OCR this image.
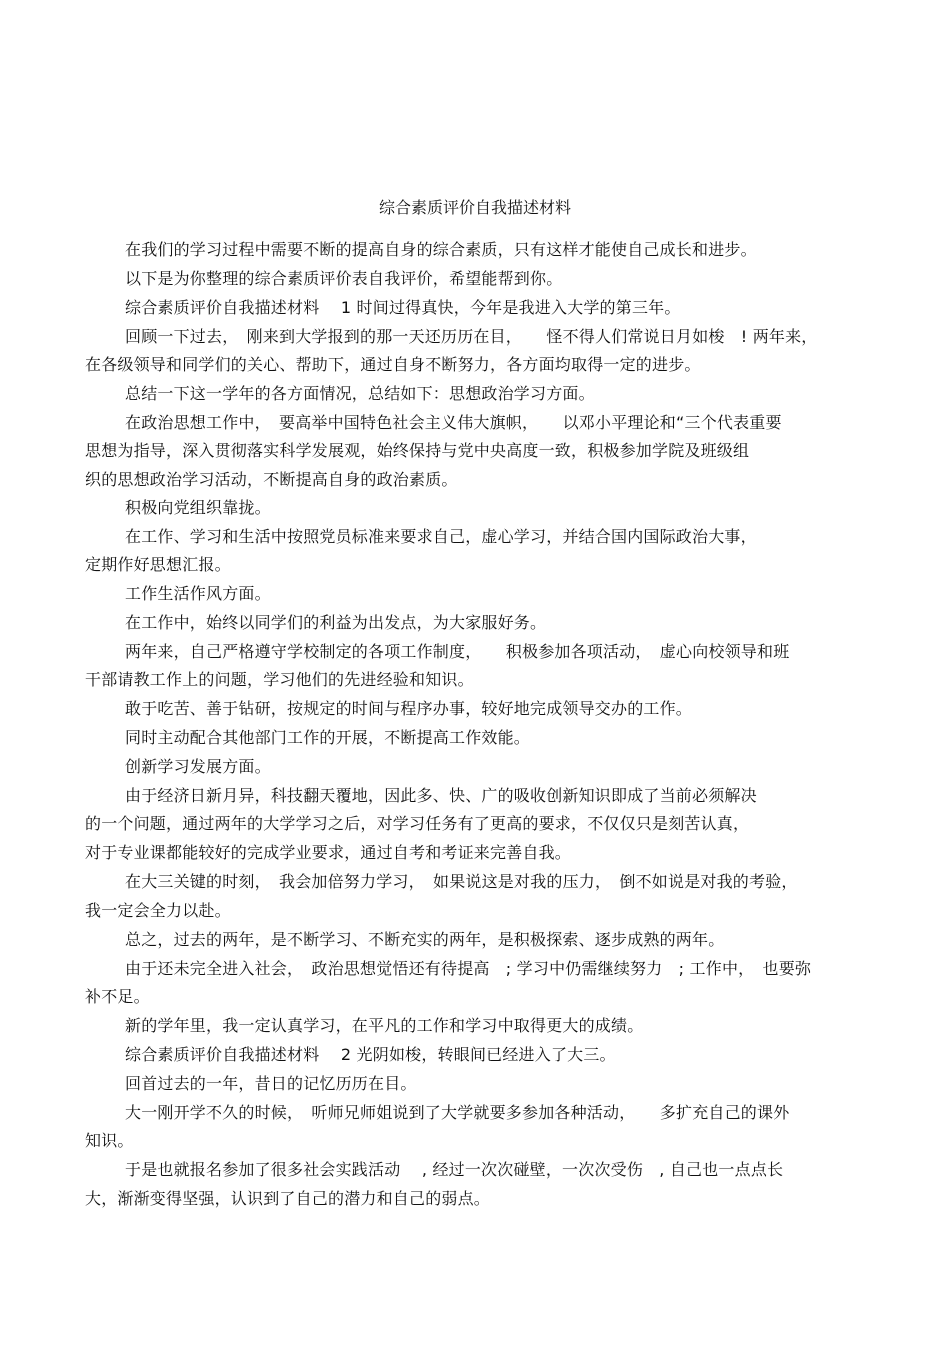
综合素质评价自我描述材料
在我们的学习过程中需要不断的提高自身的综合素质，只有这样才能使自己成长和进步。
以下是为你整理的综合素质评价表自我评价，希望能帮到你。
综合素质评价自我描述材料　 1 时间过得真快，今年是我进入大学的第三年。
回顾一下过去，　刚来到大学报到的那一天还历历在目，　　怪不得人们常说日月如梭　! 两年来，
在各级领导和同学们的关心、帮助下，通过自身不断努力，各方面均取得一定的进步。
总结一下这一学年的各方面情况，总结如下：思想政治学习方面。
在政治思想工作中，　要高举中国特色社会主义伟大旗帜，　　以邓小平理论和“三个代表重要
思想为指导，深入贯彻落实科学发展观，始终保持与党中央高度一致，积极参加学院及班级组
织的思想政治学习活动，不断提高自身的政治素质。
积极向党组织靠拢。
在工作、学习和生活中按照党员标准来要求自己，虚心学习，并结合国内国际政治大事，
定期作好思想汇报。
工作生活作风方面。
在工作中，始终以同学们的利益为出发点，为大家服好务。
两年来，自己严格遵守学校制定的各项工作制度，　　积极参加各项活动，　虚心向校领导和班
干部请教工作上的问题，学习他们的先进经验和知识。
敢于吃苦、善于钻研，按规定的时间与程序办事，较好地完成领导交办的工作。
同时主动配合其他部门工作的开展，不断提高工作效能。
创新学习发展方面。
由于经济日新月异，科技翻天覆地，因此多、快、广的吸收创新知识即成了当前必须解决
的一个问题，通过两年的大学学习之后，对学习任务有了更高的要求，不仅仅只是刻苦认真，
对于专业课都能较好的完成学业要求，通过自考和考证来完善自我。
在大三关键的时刻，　我会加倍努力学习，　如果说这是对我的压力，　倒不如说是对我的考验，
我一定会全力以赴。
总之，过去的两年，是不断学习、不断充实的两年，是积极探索、逐步成熟的两年。
由于还未完全进入社会，　政治思想觉悟还有待提高　; 学习中仍需继续努力　; 工作中，　也要弥
补不足。
新的学年里，我一定认真学习，在平凡的工作和学习中取得更大的成绩。
综合素质评价自我描述材料　 2 光阴如梭，转眼间已经进入了大三。
回首过去的一年，昔日的记忆历历在目。
大一刚开学不久的时候，　听师兄师姐说到了大学就要多参加各种活动，　　多扩充自己的课外
知识。
于是也就报名参加了很多社会实践活动　 , 经过一次次碰壁，一次次受伤　, 自己也一点点长
大，渐渐变得坚强，认识到了自己的潜力和自己的弱点。
